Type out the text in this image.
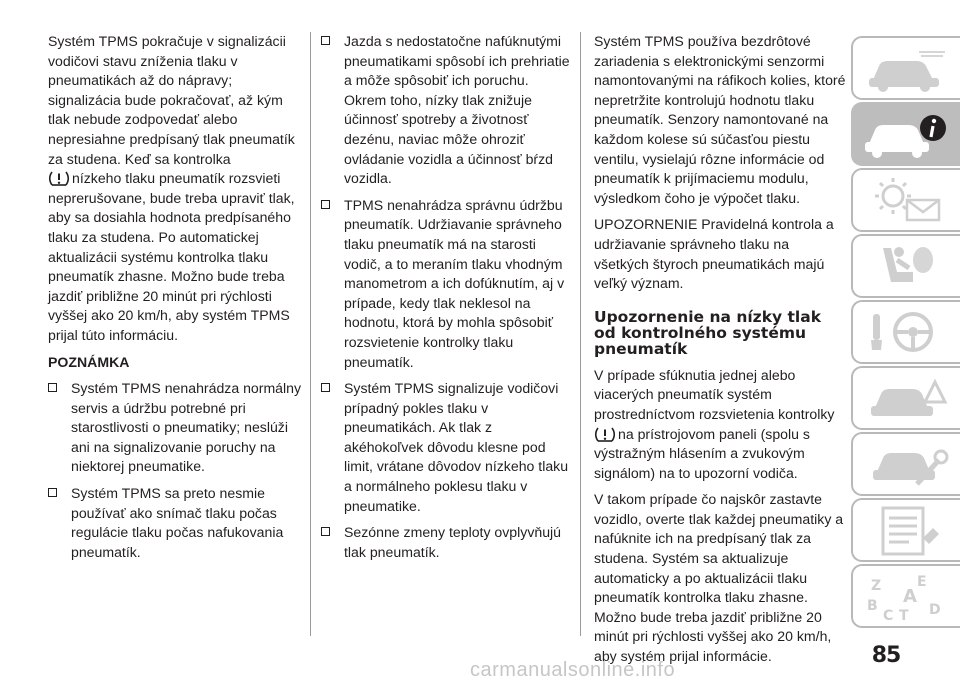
Systém TPMS pokračuje v signalizácii vodičovi stavu zníženia tlaku v pneumatikách až do nápravy; signalizácia bude pokračovať, až kým tlak nebude zodpovedať alebo nepresiahne predpísaný tlak pneumatík za studena. Keď sa kontrolka
nízkeho tlaku pneumatík rozsvieti neprerušovane, bude treba upraviť tlak, aby sa dosiahla hodnota predpísaného tlaku za studena. Po automatickej aktualizácii systému kontrolka tlaku pneumatík zhasne. Možno bude treba jazdiť približne 20 minút pri rýchlosti vyššej ako 20 km/h, aby systém TPMS prijal túto informáciu.

POZNÁMKA

Systém TPMS nenahrádza normálny servis a údržbu potrebné pri starostlivosti o pneumatiky; neslúži ani na signalizovanie poruchy na niektorej pneumatike.
Systém TPMS sa preto nesmie používať ako snímač tlaku počas regulácie tlaku počas nafukovania pneumatík.
Jazda s nedostatočne nafúknutými pneumatikami spôsobí ich prehriatie a môže spôsobiť ich poruchu. Okrem toho, nízky tlak znižuje účinnosť spotreby a životnosť dezénu, naviac môže ohroziť ovládanie vozidla a účinnosť bŕzd vozidla.
TPMS nenahrádza správnu údržbu pneumatík. Udržiavanie správneho tlaku pneumatík má na starosti vodič, a to meraním tlaku vhodným manometrom a ich dofúknutím, aj v prípade, kedy tlak neklesol na hodnotu, ktorá by mohla spôsobiť rozsvietenie kontrolky tlaku pneumatík.
Systém TPMS signalizuje vodičovi prípadný pokles tlaku v pneumatikách. Ak tlak z akéhokoľvek dôvodu klesne pod limit, vrátane dôvodov nízkeho tlaku a normálneho poklesu tlaku v pneumatike.
Sezónne zmeny teploty ovplyvňujú tlak pneumatík.

Systém TPMS používa bezdrôtové zariadenia s elektronickými senzormi namontovanými na ráfikoch kolies, ktoré nepretržite kontrolujú hodnotu tlaku pneumatík. Senzory namontované na každom kolese sú súčasťou piestu ventilu, vysielajú rôzne informácie od pneumatík k prijímaciemu modulu, výsledkom čoho je výpočet tlaku.

UPOZORNENIE Pravidelná kontrola a udržiavanie správneho tlaku na všetkých štyroch pneumatikách majú veľký význam.

Upozornenie na nízky tlak od kontrolného systému pneumatík

V prípade sfúknutia jednej alebo viacerých pneumatík systém prostredníctvom rozsvietenia kontrolky
na prístrojovom paneli (spolu s výstražným hlásením a zvukovým signálom) na to upozorní vodiča.

V takom prípade čo najskôr zastavte vozidlo, overte tlak každej pneumatiky a nafúknite ich na predpísaný tlak za studena. Systém sa aktualizuje automaticky a po aktualizácii tlaku pneumatík kontrolka tlaku zhasne. Možno bude treba jazdiť približne 20 minút pri rýchlosti vyššej ako 20 km/h, aby systém prijal informácie.

Z	E
A
B	D
C T
85
carmanualsonline.info
